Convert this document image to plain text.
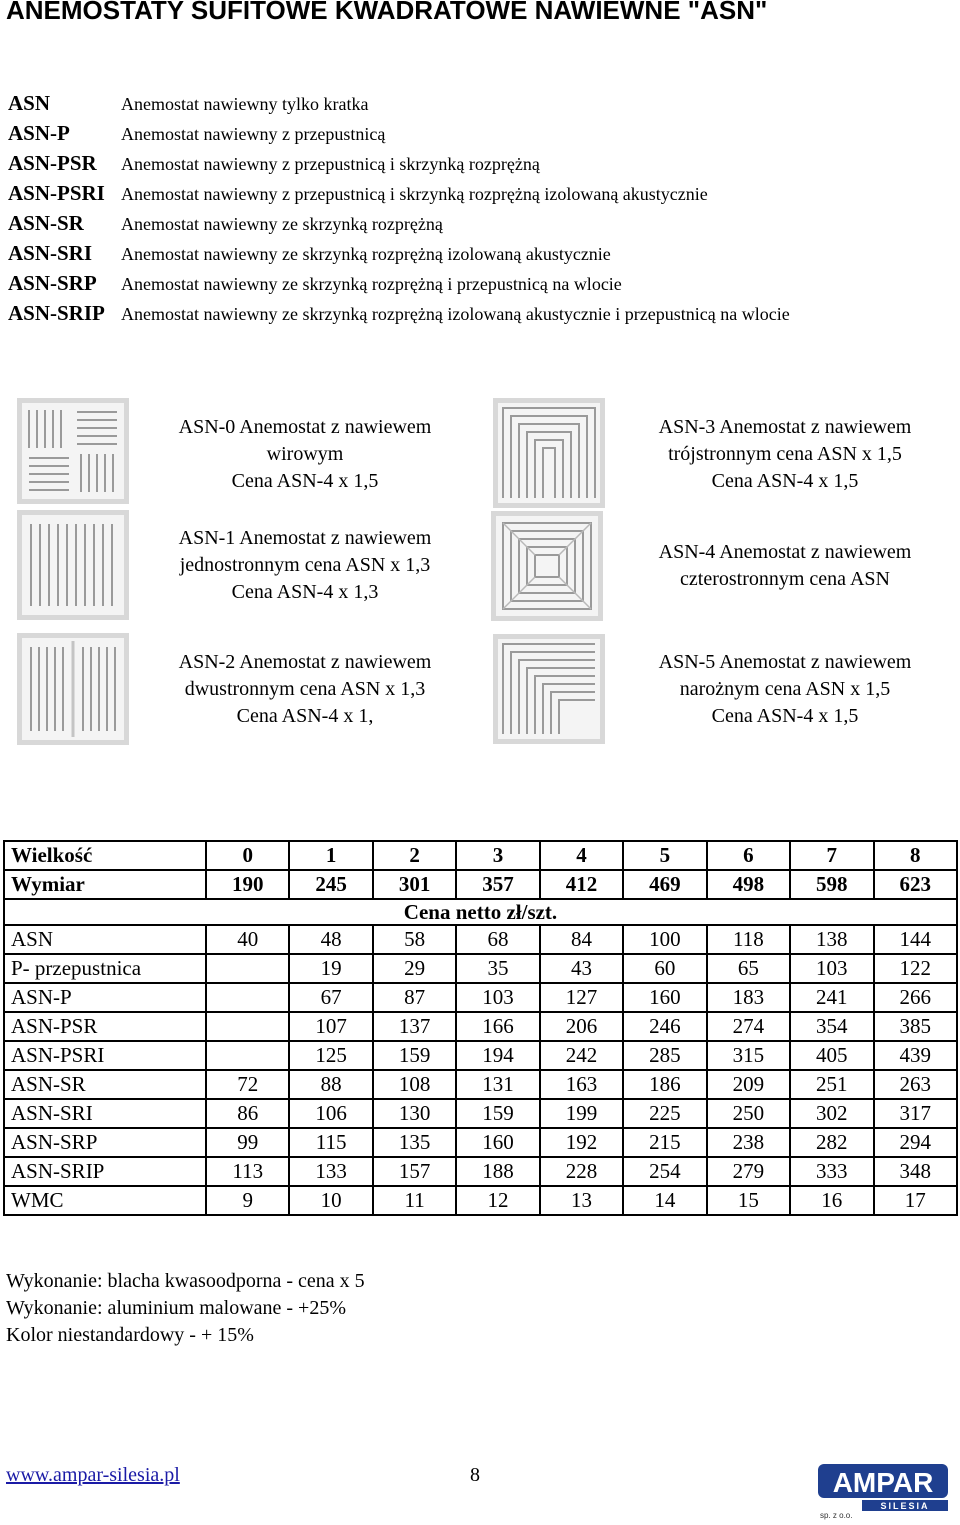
ANEMOSTATY SUFITOWE KWADRATOWE NAWIEWNE "ASN"
ASN	Anemostat nawiewny tylko kratka
ASN-P	Anemostat nawiewny z przepustnicą
ASN-PSR	Anemostat nawiewny z przepustnicą i skrzynką rozprężną
ASN-PSRI Anemostat nawiewny z przepustnicą i skrzynką rozprężną izolowaną akustycznie
ASN-SR	Anemostat nawiewny ze skrzynką rozprężną
ASN-SRI	Anemostat nawiewny ze skrzynką rozprężną izolowaną akustycznie
ASN-SRP	Anemostat nawiewny ze skrzynką rozprężną i przepustnicą na wlocie
ASN-SRIP Anemostat nawiewny ze skrzynką rozprężną izolowaną akustycznie i przepustnicą na wlocie
ASN-0 Anemostat z nawiewem
wirowym
Cena ASN-4 x 1,5
ASN-1 Anemostat z nawiewem
jednostronnym cena ASN x 1,3
Cena ASN-4 x 1,3
ASN-2 Anemostat z nawiewem
dwustronnym cena ASN x 1,3
Cena ASN-4 x 1,
ASN-3 Anemostat z nawiewem
trójstronnym cena ASN x 1,5
Cena ASN-4 x 1,5
ASN-4 Anemostat z nawiewem
czterostronnym cena ASN
ASN-5 Anemostat z nawiewem
narożnym cena ASN x 1,5
Cena ASN-4 x 1,5
Wielkość	0	1	2	3	4	5	6	7	8
Wymiar	190	245	301	357	412	469	498	598	623
Cena netto zł/szt.									
ASN	40	48	58	68	84	100	118	138	144
P- przepustnica		19	29	35	43	60	65	103	122
ASN-P		67	87	103	127	160	183	241	266
ASN-PSR		107	137	166	206	246	274	354	385
ASN-PSRI		125	159	194	242	285	315	405	439
ASN-SR	72	88	108	131	163	186	209	251	263
ASN-SRI	86	106	130	159	199	225	250	302	317
ASN-SRP	99	115	135	160	192	215	238	282	294
ASN-SRIP	113	133	157	188	228	254	279	333	348
WMC	9	10	11	12	13	14	15	16	17
Wykonanie: blacha kwasoodporna - cena x 5
Wykonanie: aluminium malowane - +25%
Kolor niestandardowy - + 15%
www.ampar-silesia.pl	8	AMPAR
SILESIA
sp. z o.o.
